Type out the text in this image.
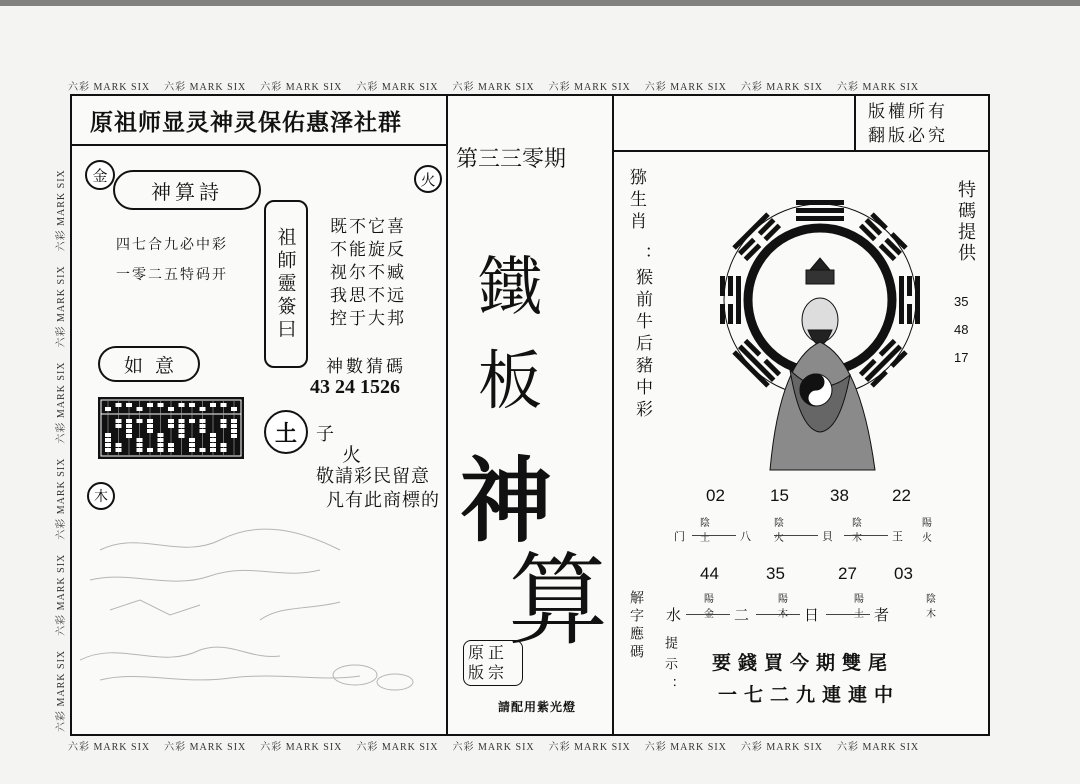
六彩 MARK SIX 六彩 MARK SIX 六彩 MARK SIX 六彩 MARK SIX 六彩 MARK SIX 六彩 MARK SIX 六彩 MARK SIX 六彩 MARK SIX 六彩 MARK SIX
六彩 MARK SIX 六彩 MARK SIX 六彩 MARK SIX 六彩 MARK SIX 六彩 MARK SIX 六彩 MARK SIX 六彩 MARK SIX 六彩 MARK SIX 六彩 MARK SIX
六彩 MARK SIX六彩 MARK SIX六彩 MARK SIX六彩 MARK SIX六彩 MARK SIX六彩 MARK SIX
原祖师显灵神灵保佑惠泽社群
金	火
神算詩
四七合九必中彩
一零二五特码开 祖師靈簽曰 既不它喜
不能旋反
视尔不臧
我思不远
控于大邦
神數猜碼
43 24 1526
如  意
土 子
火
敬請彩民留意
凡有此商標的
木
第三三零期
鐵
板
神
算
原正
版宗
請配用紫光燈
版權所有
翻版必究
猕生肖
：猴前牛后豬中彩
特碼提供
35
48
17
02	15 38	22
陰土
陰火
陰木
陽火
门	八	貝	王
44	35	27 03
陽金
陽木
陽土
陰木
水	二	日	者
解字應碼
提示： 要錢買今期雙尾
一七二九連連中
